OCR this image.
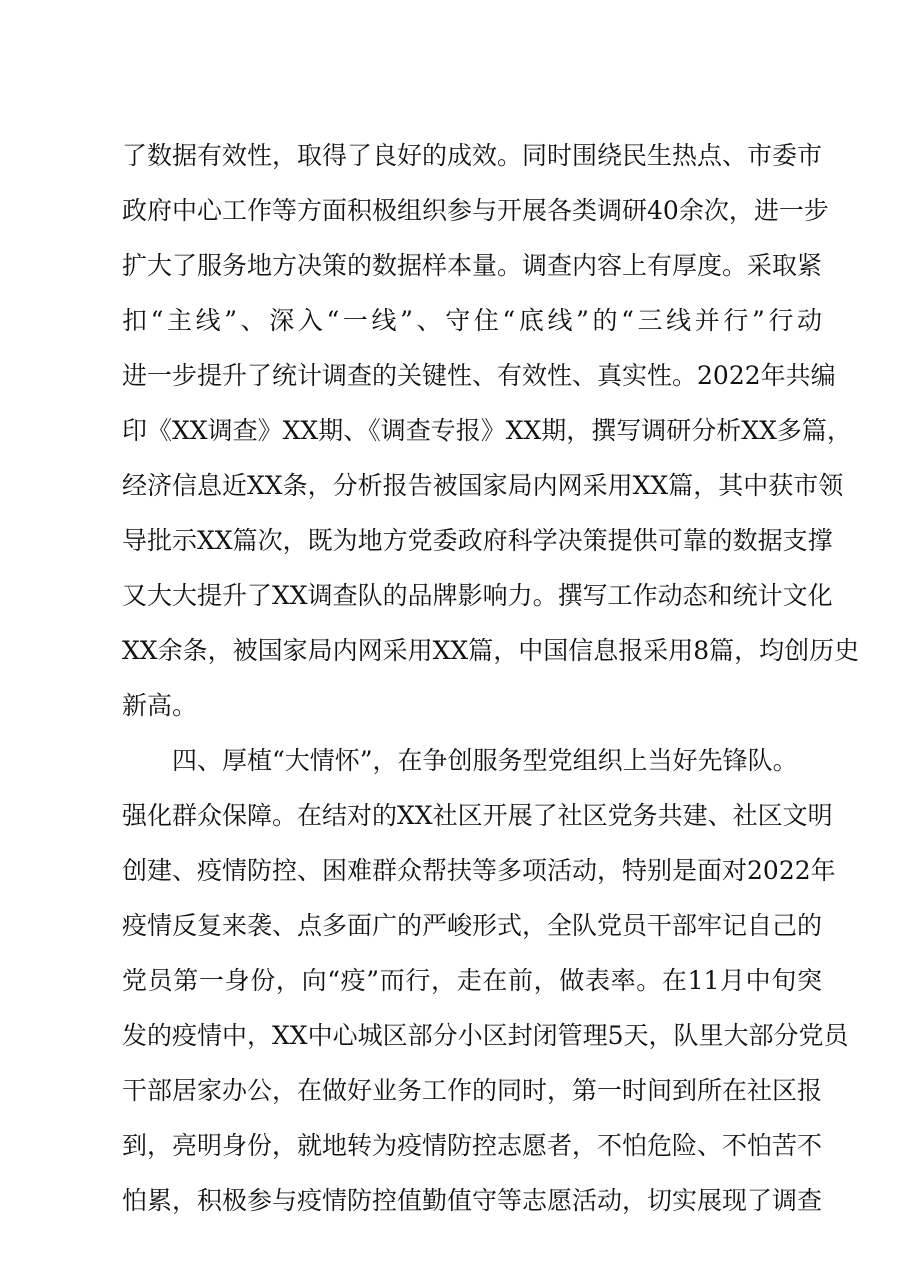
了数据有效性，取得了良好的成效。同时围绕民生热点、市委市
政府中心工作等方面积极组织参与开展各类调研40余次，进一步
扩大了服务地方决策的数据样本量。调查内容上有厚度。采取紧
扣“主线”、深入“一线”、守住“底线”的“三线并行”行动
进一步提升了统计调查的关键性、有效性、真实性。2022年共编
印《XX调查》XX期、《调查专报》XX期，撰写调研分析XX多篇，
经济信息近XX条，分析报告被国家局内网采用XX篇，其中获市领
导批示XX篇次，既为地方党委政府科学决策提供可靠的数据支撑
又大大提升了XX调查队的品牌影响力。撰写工作动态和统计文化
XX余条，被国家局内网采用XX篇，中国信息报采用8篇，均创历史
新高。
四、厚植“大情怀”，在争创服务型党组织上当好先锋队。
强化群众保障。在结对的XX社区开展了社区党务共建、社区文明
创建、疫情防控、困难群众帮扶等多项活动，特别是面对2022年
疫情反复来袭、点多面广的严峻形式，全队党员干部牢记自己的
党员第一身份，向“疫”而行，走在前，做表率。在11月中旬突
发的疫情中，XX中心城区部分小区封闭管理5天，队里大部分党员
干部居家办公，在做好业务工作的同时，第一时间到所在社区报
到，亮明身份，就地转为疫情防控志愿者，不怕危险、不怕苦不
怕累，积极参与疫情防控值勤值守等志愿活动，切实展现了调查
